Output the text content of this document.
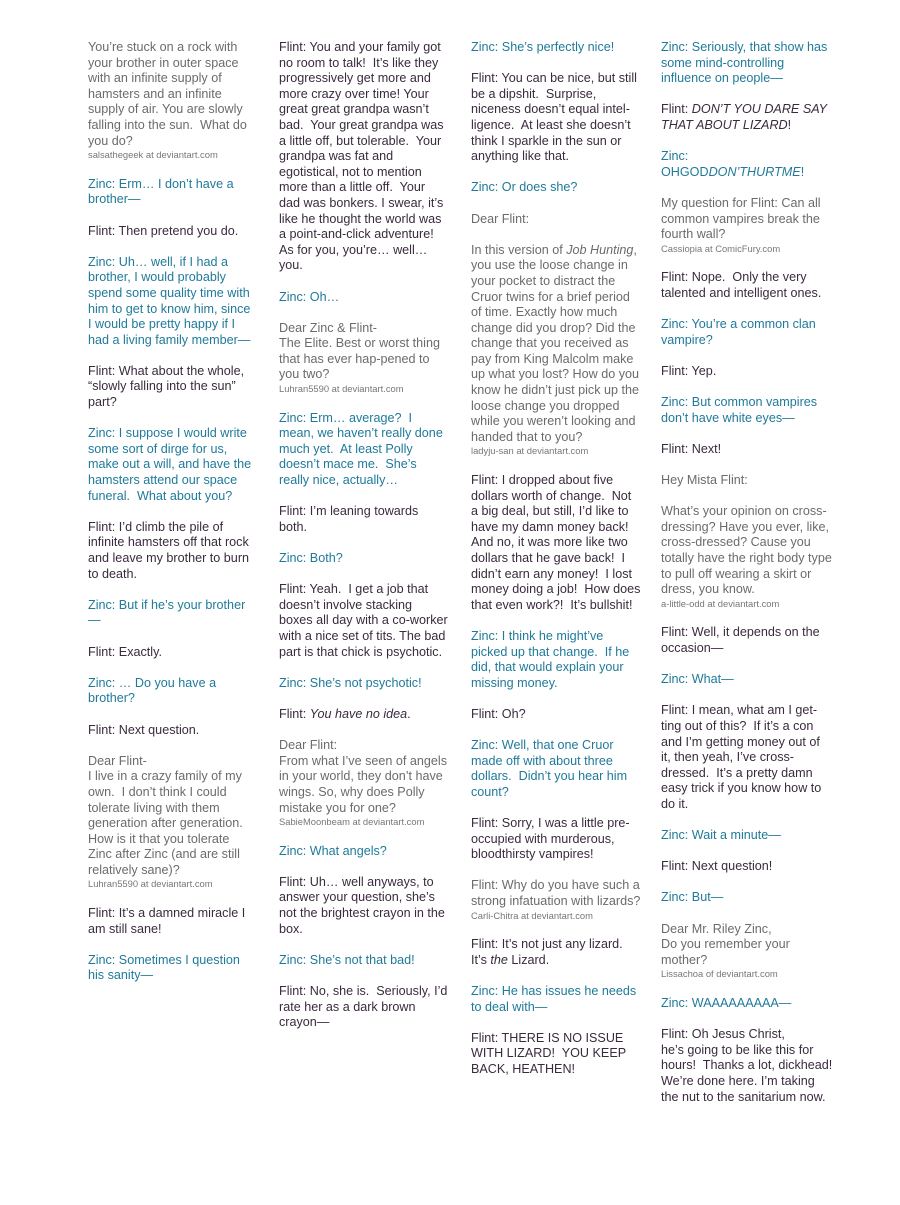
You’re stuck on a rock with your brother in outer space with an infinite supply of hamsters and an infinite supply of air. You are slowly falling into the sun.  What do you do?
salsathegeek at deviantart.com
Zinc: Erm… I don’t have a brother—
Flint: Then pretend you do.
Zinc: Uh… well, if I had a brother, I would probably spend some quality time with him to get to know him, since I would be pretty happy if I had a living family member—
Flint: What about the whole, “slowly falling into the sun” part?
Zinc: I suppose I would write some sort of dirge for us, make out a will, and have the hamsters attend our space funeral.  What about you?
Flint: I’d climb the pile of infinite hamsters off that rock and leave my brother to burn to death.
Zinc: But if he’s your brother—
Flint: Exactly.
Zinc: … Do you have a brother?
Flint: Next question.
Dear Flint-
I live in a crazy family of my own.  I don’t think I could tolerate living with them generation after generation. How is it that you tolerate Zinc after Zinc (and are still relatively sane)?
Luhran5590 at deviantart.com
Flint: It’s a damned miracle I am still sane!
Zinc: Sometimes I question his sanity—
Flint: You and your family got no room to talk!  It’s like they progressively get more and more crazy over time! Your great great grandpa wasn’t bad.  Your great grandpa was a little off, but tolerable.  Your grandpa was fat and egotistical, not to mention more than a little off.  Your dad was bonkers. I swear, it’s like he thought the world was a point-and-click adventure!  As for you, you’re… well… you.
Zinc: Oh…
Dear Zinc & Flint-
The Elite. Best or worst thing that has ever hap-pened to you two?
Luhran5590 at deviantart.com
Zinc: Erm… average?  I mean, we haven’t really done much yet.  At least Polly doesn’t mace me.  She’s really nice, actually…
Flint: I’m leaning towards both.
Zinc: Both?
Flint: Yeah.  I get a job that doesn’t involve stacking boxes all day with a co-worker with a nice set of tits. The bad part is that chick is psychotic.
Zinc: She’s not psychotic!
Flint: You have no idea.
Dear Flint:
From what I’ve seen of angels in your world, they don’t have wings. So, why does Polly mistake you for one?
SabieMoonbeam at deviantart.com
Zinc: What angels?
Flint: Uh… well anyways, to answer your question, she’s not the brightest crayon in the box.
Zinc: She’s not that bad!
Flint: No, she is.  Seriously, I’d rate her as a dark brown crayon—
Zinc: She’s perfectly nice!
Flint: You can be nice, but still be a dipshit.  Surprise, niceness doesn’t equal intel-ligence.  At least she doesn’t think I sparkle in the sun or anything like that.
Zinc: Or does she?
Dear Flint:
In this version of Job Hunting, you use the loose change in your pocket to distract the Cruor twins for a brief period of time. Exactly how much change did you drop? Did the change that you received as pay from King Malcolm make up what you lost? How do you know he didn’t just pick up the loose change you dropped while you weren’t looking and handed that to you?
ladyju-san at deviantart.com
Flint: I dropped about five dollars worth of change.  Not a big deal, but still, I’d like to have my damn money back! And no, it was more like two dollars that he gave back!  I didn’t earn any money!  I lost money doing a job!  How does that even work?!  It’s bullshit!
Zinc: I think he might’ve picked up that change.  If he did, that would explain your missing money.
Flint: Oh?
Zinc: Well, that one Cruor made off with about three dollars.  Didn’t you hear him count?
Flint: Sorry, I was a little pre-occupied with murderous, bloodthirsty vampires!
Flint: Why do you have such a strong infatuation with lizards?
Carli-Chitra at deviantart.com
Flint: It’s not just any lizard. It’s the Lizard.
Zinc: He has issues he needs to deal with—
Flint: THERE IS NO ISSUE WITH LIZARD!  YOU KEEP BACK, HEATHEN!
Zinc: Seriously, that show has some mind-controlling influence on people—
Flint: DON’T YOU DARE SAY THAT ABOUT LIZARD!
Zinc:
OHGODDON’THURTME!
My question for Flint: Can all common vampires break the fourth wall?
Cassiopia at ComicFury.com
Flint: Nope.  Only the very talented and intelligent ones.
Zinc: You’re a common clan vampire?
Flint: Yep.
Zinc: But common vampires don’t have white eyes—
Flint: Next!
Hey Mista Flint:
What’s your opinion on cross-dressing? Have you ever, like, cross-dressed? Cause you totally have the right body type to pull off wearing a skirt or dress, you know.
a-little-odd at deviantart.com
Flint: Well, it depends on the occasion—
Zinc: What—
Flint: I mean, what am I get-ting out of this?  If it’s a con and I’m getting money out of it, then yeah, I’ve cross-dressed.  It’s a pretty damn easy trick if you know how to do it.
Zinc: Wait a minute—
Flint: Next question!
Zinc: But—
Dear Mr. Riley Zinc,
Do you remember your mother?
Lissachoa of deviantart.com
Zinc: WAAAAAAAAA—
Flint: Oh Jesus Christ,
he’s going to be like this for hours!  Thanks a lot, dickhead!  We’re done here. I’m taking the nut to the sanitarium now.
